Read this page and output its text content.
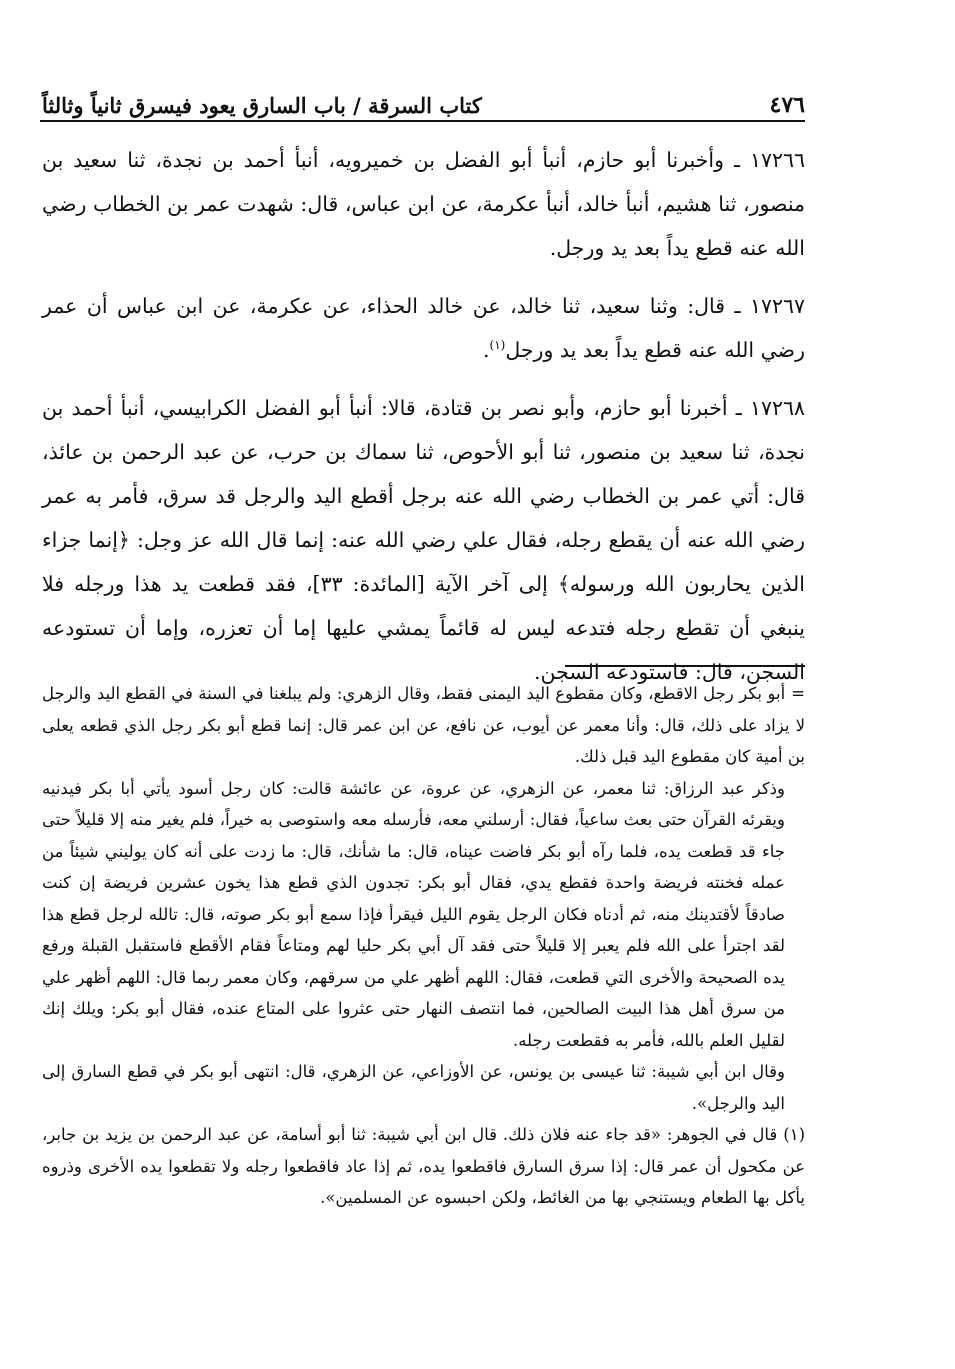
٤٧٦
كتاب السرقة / باب السارق يعود فيسرق ثانياً وثالثاً

١٧٢٦٦ ـ وأخبرنا أبو حازم، أنبأ أبو الفضل بن خميرويه، أنبأ أحمد بن نجدة، ثنا سعيد بن منصور، ثنا هشيم، أنبأ خالد، أنبأ عكرمة، عن ابن عباس، قال: شهدت عمر بن الخطاب رضي الله عنه قطع يداً بعد يد ورجل.

١٧٢٦٧ ـ قال: وثنا سعيد، ثنا خالد، عن خالد الحذاء، عن عكرمة، عن ابن عباس أن عمر رضي الله عنه قطع يداً بعد يد ورجل$^{(١)}$.

١٧٢٦٨ ـ أخبرنا أبو حازم، وأبو نصر بن قتادة، قالا: أنبأ أبو الفضل الكرابيسي، أنبأ أحمد بن نجدة، ثنا سعيد بن منصور، ثنا أبو الأحوص، ثنا سماك بن حرب، عن عبد الرحمن بن عائذ، قال: أتي عمر بن الخطاب رضي الله عنه برجل أقطع اليد والرجل قد سرق، فأمر به عمر رضي الله عنه أن يقطع رجله، فقال علي رضي الله عنه: إنما قال الله عز وجل: ﴿إنما جزاء الذين يحاربون الله ورسوله﴾ إلى آخر الآية [المائدة: ٣٣]، فقد قطعت يد هذا ورجله فلا ينبغي أن تقطع رجله فتدعه ليس له قائماً يمشي عليها إما أن تعزره، وإما أن تستودعه السجن، قال: فاستودعه السجن.

=أبو بكر رجل الاقطع، وكان مقطوع اليد اليمنى فقط، وقال الزهري: ولم يبلغنا في السنة في القطع اليد والرجل لا يزاد على ذلك، قال: وأنا معمر عن أيوب، عن نافع، عن ابن عمر قال: إنما قطع أبو بكر رجل الذي قطعه يعلى بن أمية كان مقطوع اليد قبل ذلك.

وذكر عبد الرزاق: ثنا معمر، عن الزهري، عن عروة، عن عائشة قالت: كان رجل أسود يأتي أبا بكر فيدنيه ويقرئه القرآن حتى بعث ساعياً، فقال: أرسلني معه، فأرسله معه واستوصى به خيراً، فلم يغير منه إلا قليلاً حتى جاء قد قطعت يده، فلما رآه أبو بكر فاضت عيناه، قال: ما شأنك، قال: ما زدت على أنه كان يوليني شيئاً من عمله فخنته فريضة واحدة فقطع يدي، فقال أبو بكر: تجدون الذي قطع هذا يخون عشرين فريضة إن كنت صادقاً لأقتدينك منه، ثم أدناه فكان الرجل يقوم الليل فيقرأ فإذا سمع أبو بكر صوته، قال: تالله لرجل قطع هذا لقد اجترأ على الله فلم يعبر إلا قليلاً حتى فقد آل أبي بكر حليا لهم ومتاعاً فقام الأقطع فاستقبل القبلة ورفع يده الصحيحة والأخرى التي قطعت، فقال: اللهم أظهر علي من سرقهم، وكان معمر ربما قال: اللهم أظهر علي من سرق أهل هذا البيت الصالحين، فما انتصف النهار حتى عثروا على المتاع عنده، فقال أبو بكر: ويلك إنك لقليل العلم بالله، فأمر به فقطعت رجله.

وقال ابن أبي شيبة: ثنا عيسى بن يونس، عن الأوزاعي، عن الزهري، قال: انتهى أبو بكر في قطع السارق إلى اليد والرجل».

(١)قال في الجوهر: «قد جاء عنه فلان ذلك. قال ابن أبي شيبة: ثنا أبو أسامة، عن عبد الرحمن بن يزيد بن جابر، عن مكحول أن عمر قال: إذا سرق السارق فاقطعوا يده، ثم إذا عاد فاقطعوا رجله ولا تقطعوا يده الأخرى وذروه يأكل بها الطعام ويستنجي بها من الغائط، ولكن احبسوه عن المسلمين».
